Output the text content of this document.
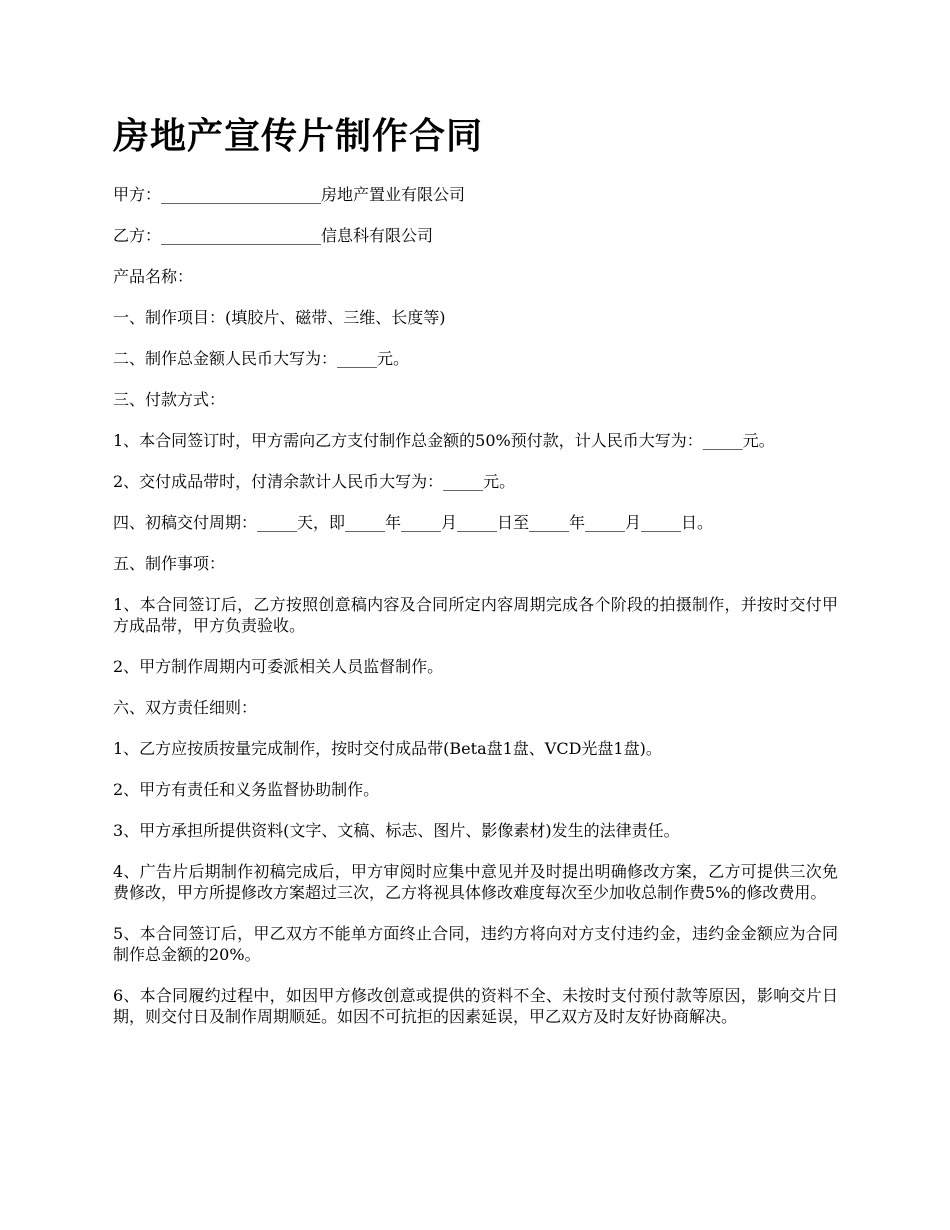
房地产宣传片制作合同

甲方：____________________房地产置业有限公司

乙方：____________________信息科有限公司

产品名称：

一、制作项目：(填胶片、磁带、三维、长度等)

二、制作总金额人民币大写为：_____元。

三、付款方式：

1、本合同签订时，甲方需向乙方支付制作总金额的50%预付款，计人民币大写为：_____元。

2、交付成品带时，付清余款计人民币大写为：_____元。

四、初稿交付周期：_____天，即_____年_____月_____日至_____年_____月_____日。

五、制作事项：

1、本合同签订后，乙方按照创意稿内容及合同所定内容周期完成各个阶段的拍摄制作，并按时交付甲方成品带，甲方负责验收。

2、甲方制作周期内可委派相关人员监督制作。

六、双方责任细则：

1、乙方应按质按量完成制作，按时交付成品带(Beta盘1盘、VCD光盘1盘)。

2、甲方有责任和义务监督协助制作。

3、甲方承担所提供资料(文字、文稿、标志、图片、影像素材)发生的法律责任。

4、广告片后期制作初稿完成后，甲方审阅时应集中意见并及时提出明确修改方案，乙方可提供三次免费修改，甲方所提修改方案超过三次，乙方将视具体修改难度每次至少加收总制作费5%的修改费用。

5、本合同签订后，甲乙双方不能单方面终止合同，违约方将向对方支付违约金，违约金金额应为合同制作总金额的20%。

6、本合同履约过程中，如因甲方修改创意或提供的资料不全、未按时支付预付款等原因，影响交片日期，则交付日及制作周期顺延。如因不可抗拒的因素延误，甲乙双方及时友好协商解决。
